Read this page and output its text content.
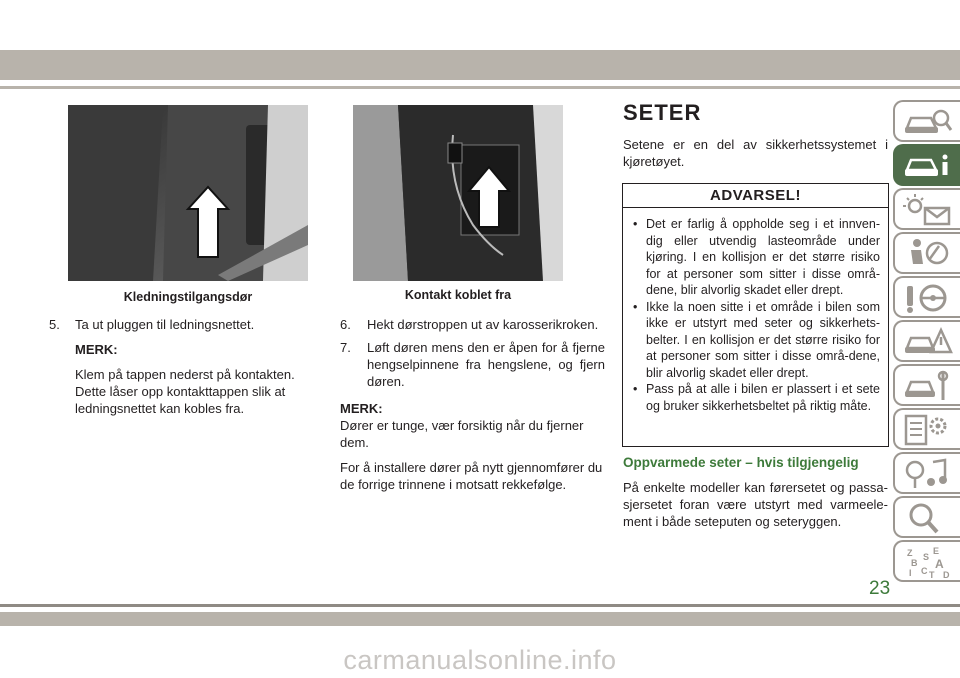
Kledningstilgangsdør	Kontakt koblet fra

5. Ta ut pluggen til ledningsnettet.

MERK:

Klem på tappen nederst på kontakten. Dette låser opp kontakttappen slik at ledningsnettet kan kobles fra.

6. Hekt dørstroppen ut av karosserikroken.

7. Løft døren mens den er åpen for å fjerne hengselpinnene fra hengslene, og fjern døren.

MERK:

Dører er tunge, vær forsiktig når du fjerner dem.

For å installere dører på nytt gjennomfører du de forrige trinnene i motsatt rekkefølge.

SETER
Setene er en del av sikkerhetssystemet i kjøretøyet.
ADVARSEL!
• Det er farlig å oppholde seg i et innven-dig eller utvendig lasteområde under kjøring. I en kollisjon er det større risiko for at personer som sitter i disse områ-dene, blir alvorlig skadet eller drept.
• Ikke la noen sitte i et område i bilen som ikke er utstyrt med seter og sikkerhets-belter. I en kollisjon er det større risiko for at personer som sitter i disse områ-dene, blir alvorlig skadet eller drept.
• Pass på at alle i bilen er plassert i et sete og bruker sikkerhetsbeltet på riktig måte.
Oppvarmede seter – hvis tilgjengelig
På enkelte modeller kan førersetet og passa-sjersetet foran være utstyrt med varmeele-ment i både seteputen og seteryggen.
Z E
B
S A
C
I T D
23
carmanualsonline.info
